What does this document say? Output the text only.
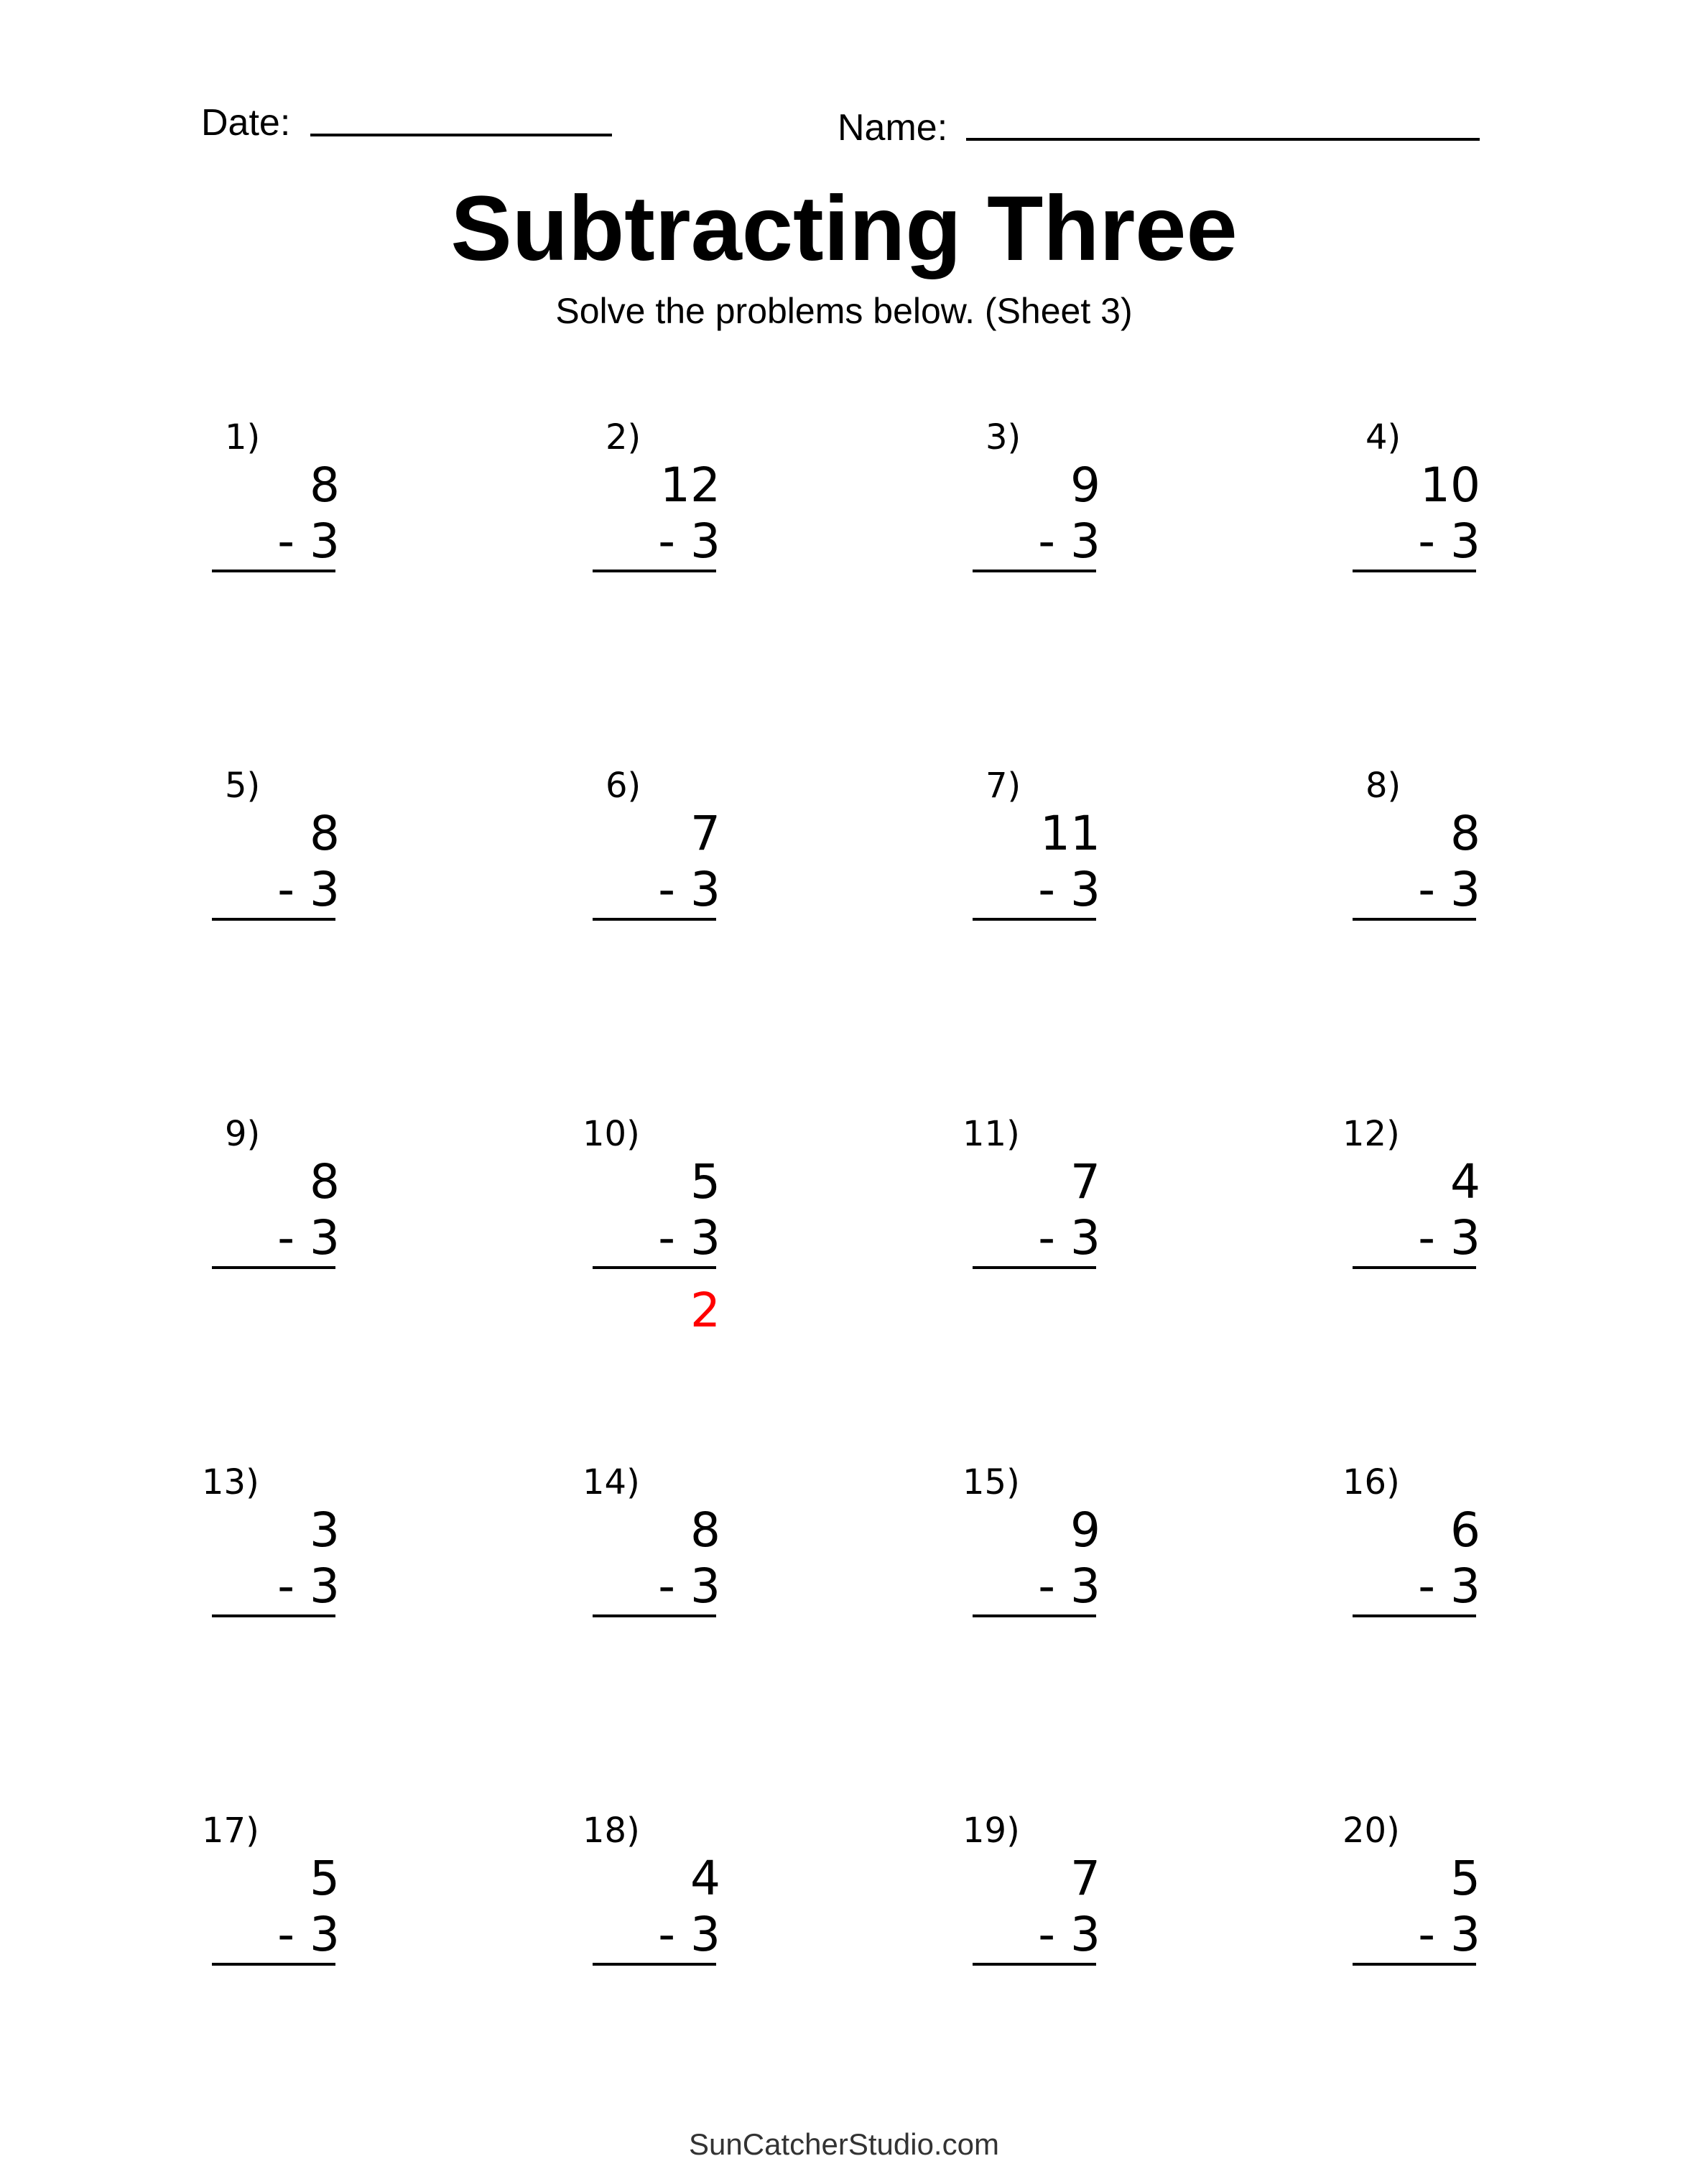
Date:	Name:
Subtracting Three
Solve the problems below. (Sheet 3)
1)
8
- 3
2)
12
- 3
3)
9
- 3
4)
10
- 3
5)
8
- 3
6)
7
- 3
7)
11
- 3
8)
8
- 3
9)
8
- 3
10)
5
- 3
2
11)
7
- 3
12)
4
- 3
13)
3
- 3
14)
8
- 3
15)
9
- 3
16)
6
- 3
17)
5
- 3
18)
4
- 3
19)
7
- 3
20)
5
- 3
SunCatcherStudio.com
